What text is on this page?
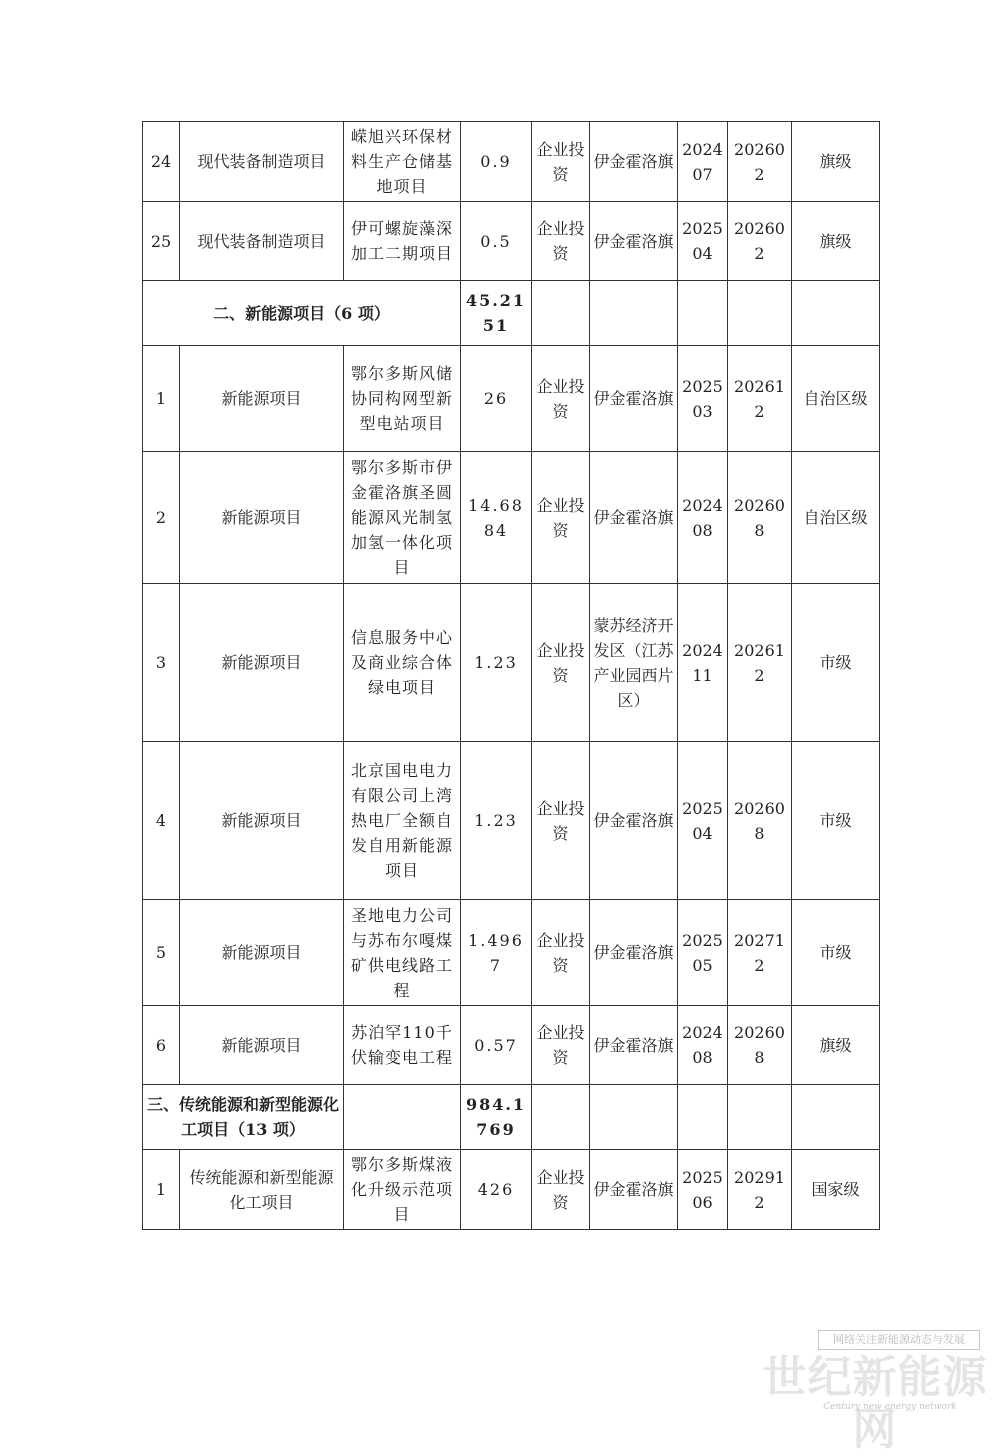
24	现代装备制造项目	嵘旭兴环保材料生产仓储基地项目	0.9	企业投资	伊金霍洛旗	202407	202602	旗级
25	现代装备制造项目	伊可螺旋藻深加工二期项目	0.5	企业投资	伊金霍洛旗	202504	202602	旗级
二、新能源项目（6 项）			45.2151					
1	新能源项目	鄂尔多斯风储协同构网型新型电站项目	26	企业投资	伊金霍洛旗	202503	202612	自治区级
2	新能源项目	鄂尔多斯市伊金霍洛旗圣圆能源风光制氢加氢一体化项目	14.6884	企业投资	伊金霍洛旗	202408	202608	自治区级
3	新能源项目	信息服务中心及商业综合体绿电项目	1.23	企业投资	蒙苏经济开发区（江苏产业园西片区）	202411	202612	市级
4	新能源项目	北京国电电力有限公司上湾热电厂全额自发自用新能源项目	1.23	企业投资	伊金霍洛旗	202504	202608	市级
5	新能源项目	圣地电力公司与苏布尔嘎煤矿供电线路工程	1.4967	企业投资	伊金霍洛旗	202505	202712	市级
6	新能源项目	苏泊罕110千伏输变电工程	0.57	企业投资	伊金霍洛旗	202408	202608	旗级
三、传统能源和新型能源化工项目（13 项）			984.1769					
1	传统能源和新型能源化工项目	鄂尔多斯煤液化升级示范项目	426	企业投资	伊金霍洛旗	202506	202912	国家级
网络关注新能源动态与发展
世纪新能源网
Century new energy network
